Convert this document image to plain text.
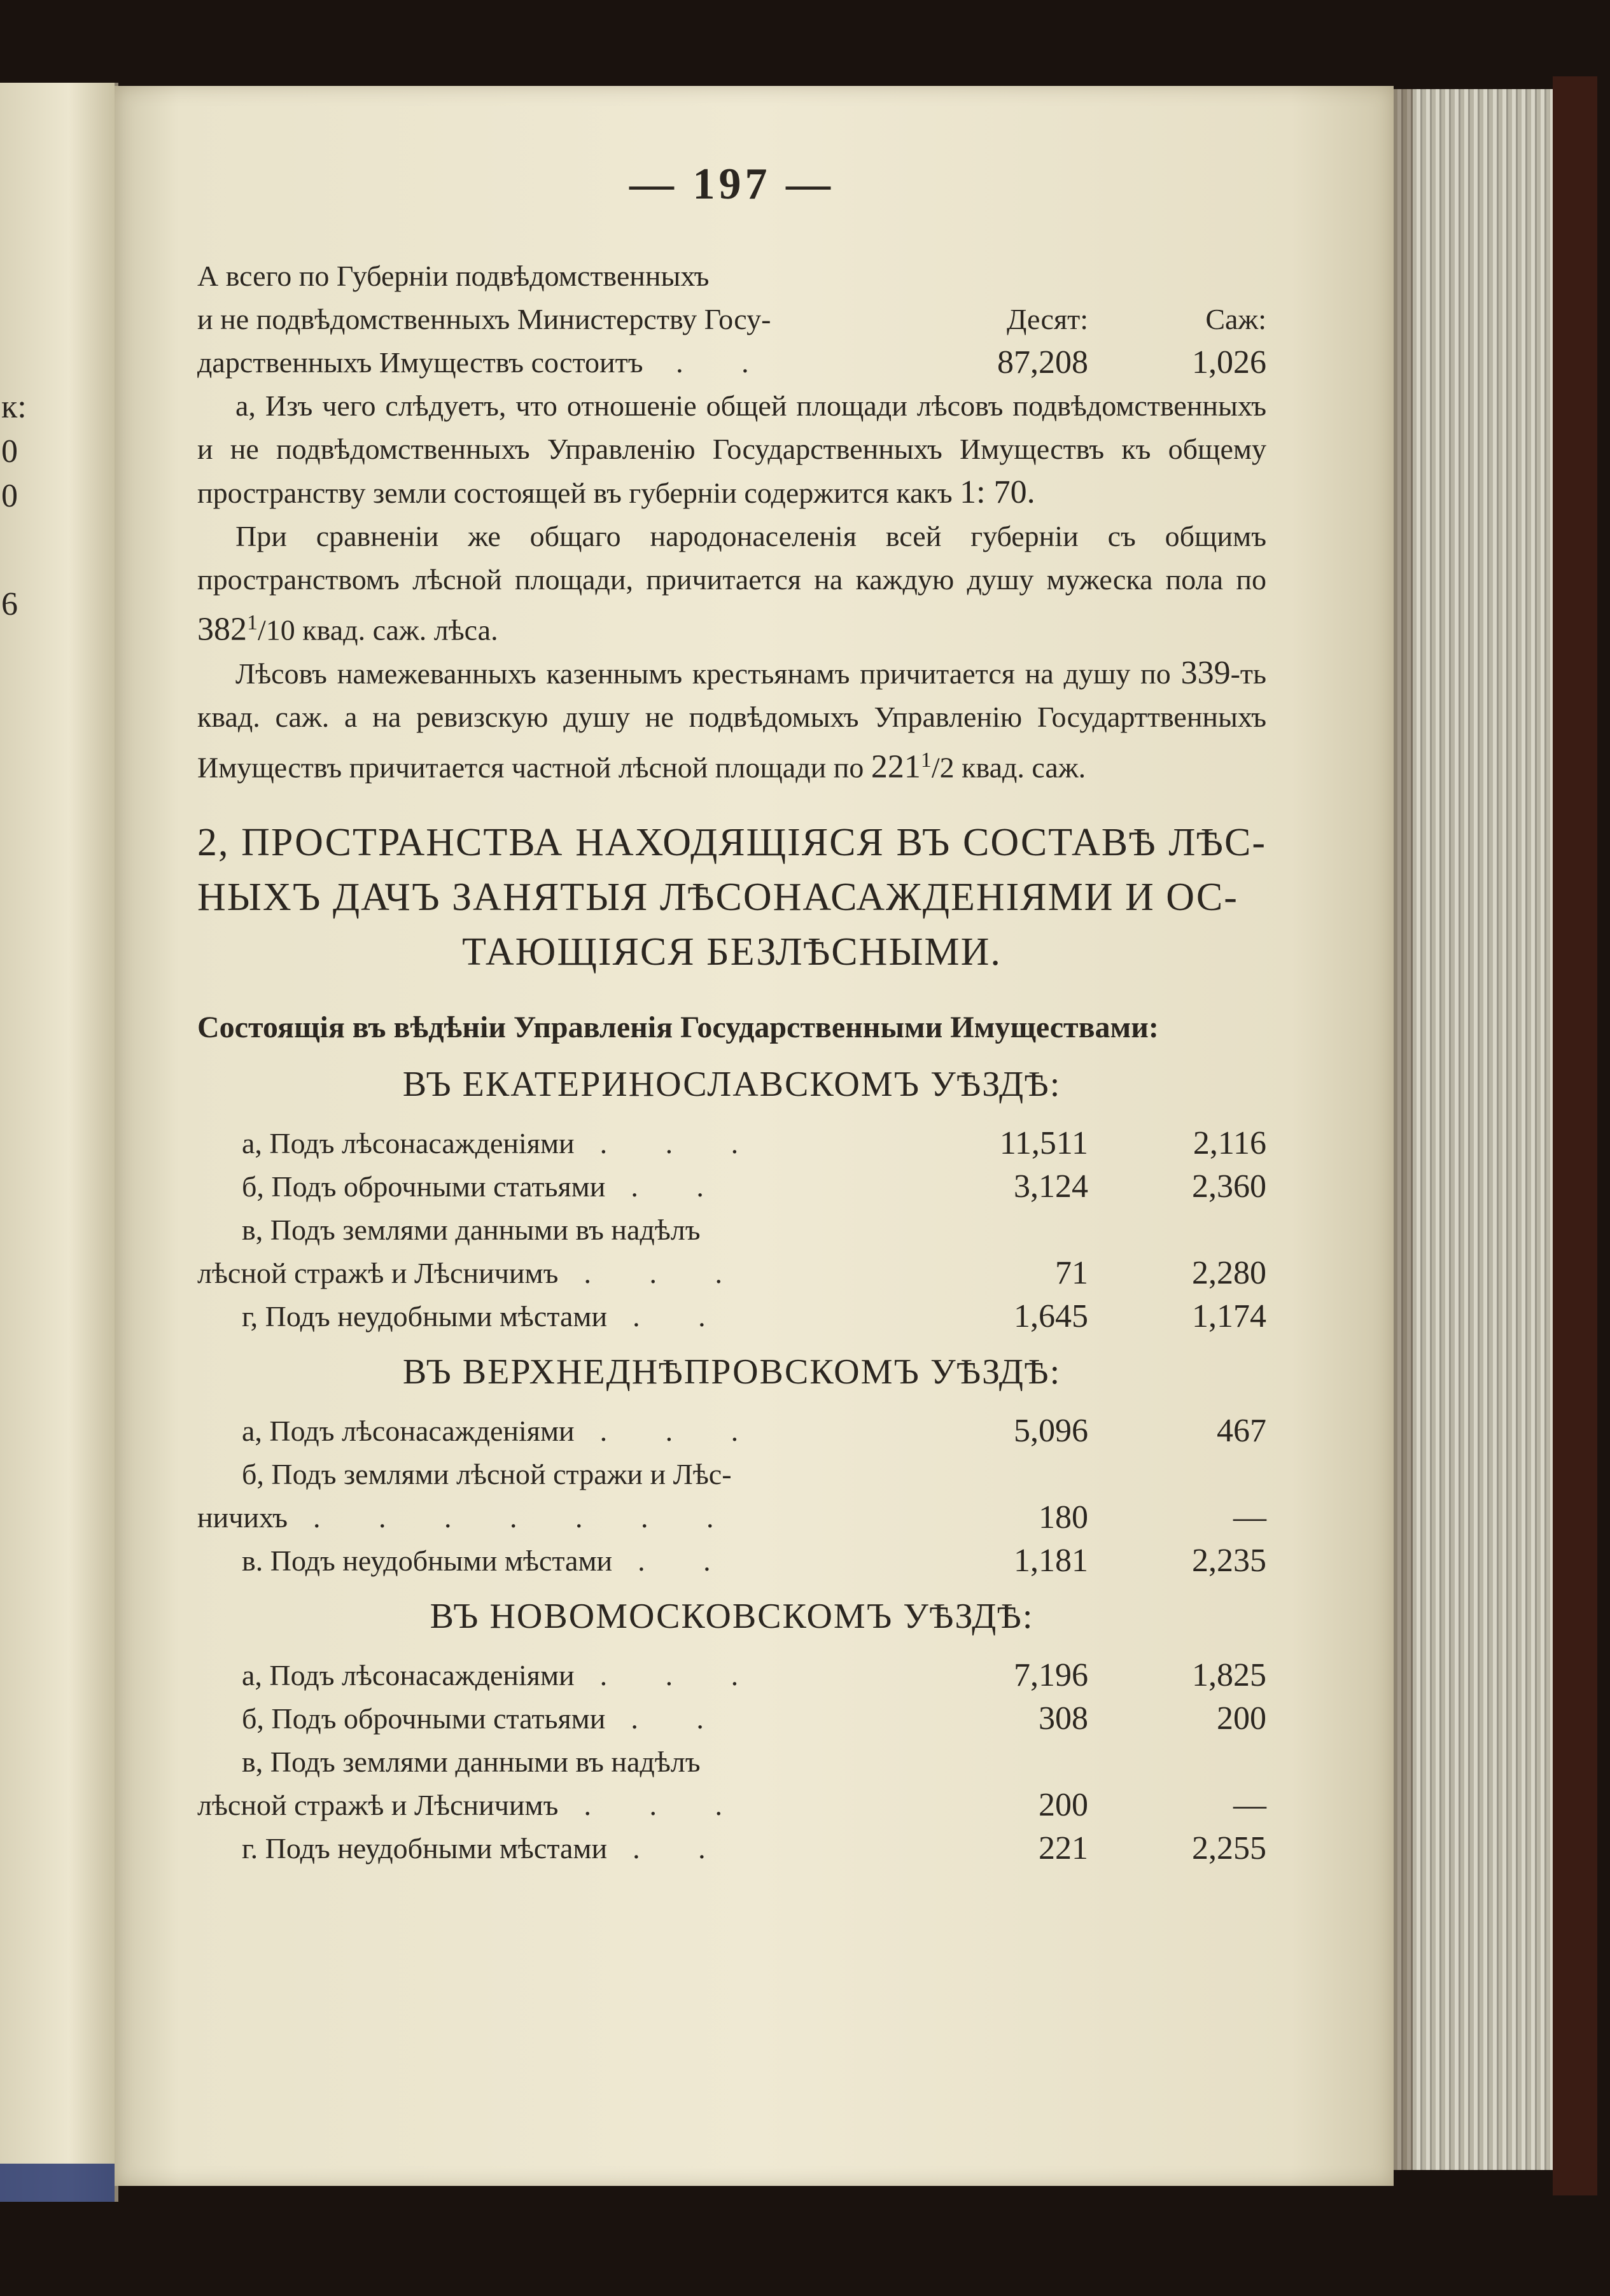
к:
0
0
6
— 197 —
А всего по Губерніи подвѣдомственныхъ
и не подвѣдомственныхъ Министерству Госу-	Десят:	Саж:
дарственныхъ Имуществъ состоитъ . .	87,208	1,026

а, Изъ чего слѣдуетъ, что отношеніе общей площади лѣсовъ подвѣдомственныхъ и не подвѣдомственныхъ Управленію Государственныхъ Имуществъ къ общему пространству земли состоящей въ губерніи содержится какъ 1: 70.

При сравненіи же общаго народонаселенія всей губерніи съ общимъ пространствомъ лѣсной площади, причитается на каждую душу мужеска пола по $382^1/10$ квад. саж. лѣса.

Лѣсовъ намежеванныхъ казеннымъ крестьянамъ причитается на душу по 339-ть квад. саж. а на ревизскую душу не подвѣдомыхъ Управленію Государттвенныхъ Имуществъ причитается частной лѣсной площади по $221^1/2$ квад. саж.

2, ПРОСТРАНСТВА НАХОДЯЩІЯСЯ ВЪ СОСТАВѢ ЛѢС-НЫХЪ ДАЧЪ ЗАНЯТЫЯ ЛѢСОНАСАЖДЕНІЯМИ И ОС-
ТАЮЩІЯСЯ БЕЗЛѢСНЫМИ.
Состоящія въ вѣдѣніи Управленія Государственными Имуществами:
ВЪ ЕКАТЕРИНОСЛАВСКОМЪ УѢЗДѢ:
а, Подъ лѣсонасажденіями . . .	11,511	2,116
б, Подъ оброчными статьями . .	3,124	2,360
в, Подъ землями данными въ надѣлъ
лѣсной стражѣ и Лѣсничимъ . . .	71	2,280
г, Подъ неудобными мѣстами . .	1,645	1,174
ВЪ ВЕРХНЕДНѢПРОВСКОМЪ УѢЗДѢ:
а, Подъ лѣсонасажденіями . . .	5,096	467
б, Подъ землями лѣсной стражи и Лѣс-
ничихъ . . . . . . .	180	—
в. Подъ неудобными мѣстами . .	1,181	2,235
ВЪ НОВОМОСКОВСКОМЪ УѢЗДѢ:
а, Подъ лѣсонасажденіями . . .	7,196	1,825
б, Подъ оброчными статьями . .	308	200
в, Подъ землями данными въ надѣлъ
лѣсной стражѣ и Лѣсничимъ . . .	200	—
г. Подъ неудобными мѣстами . .	221	2,255
